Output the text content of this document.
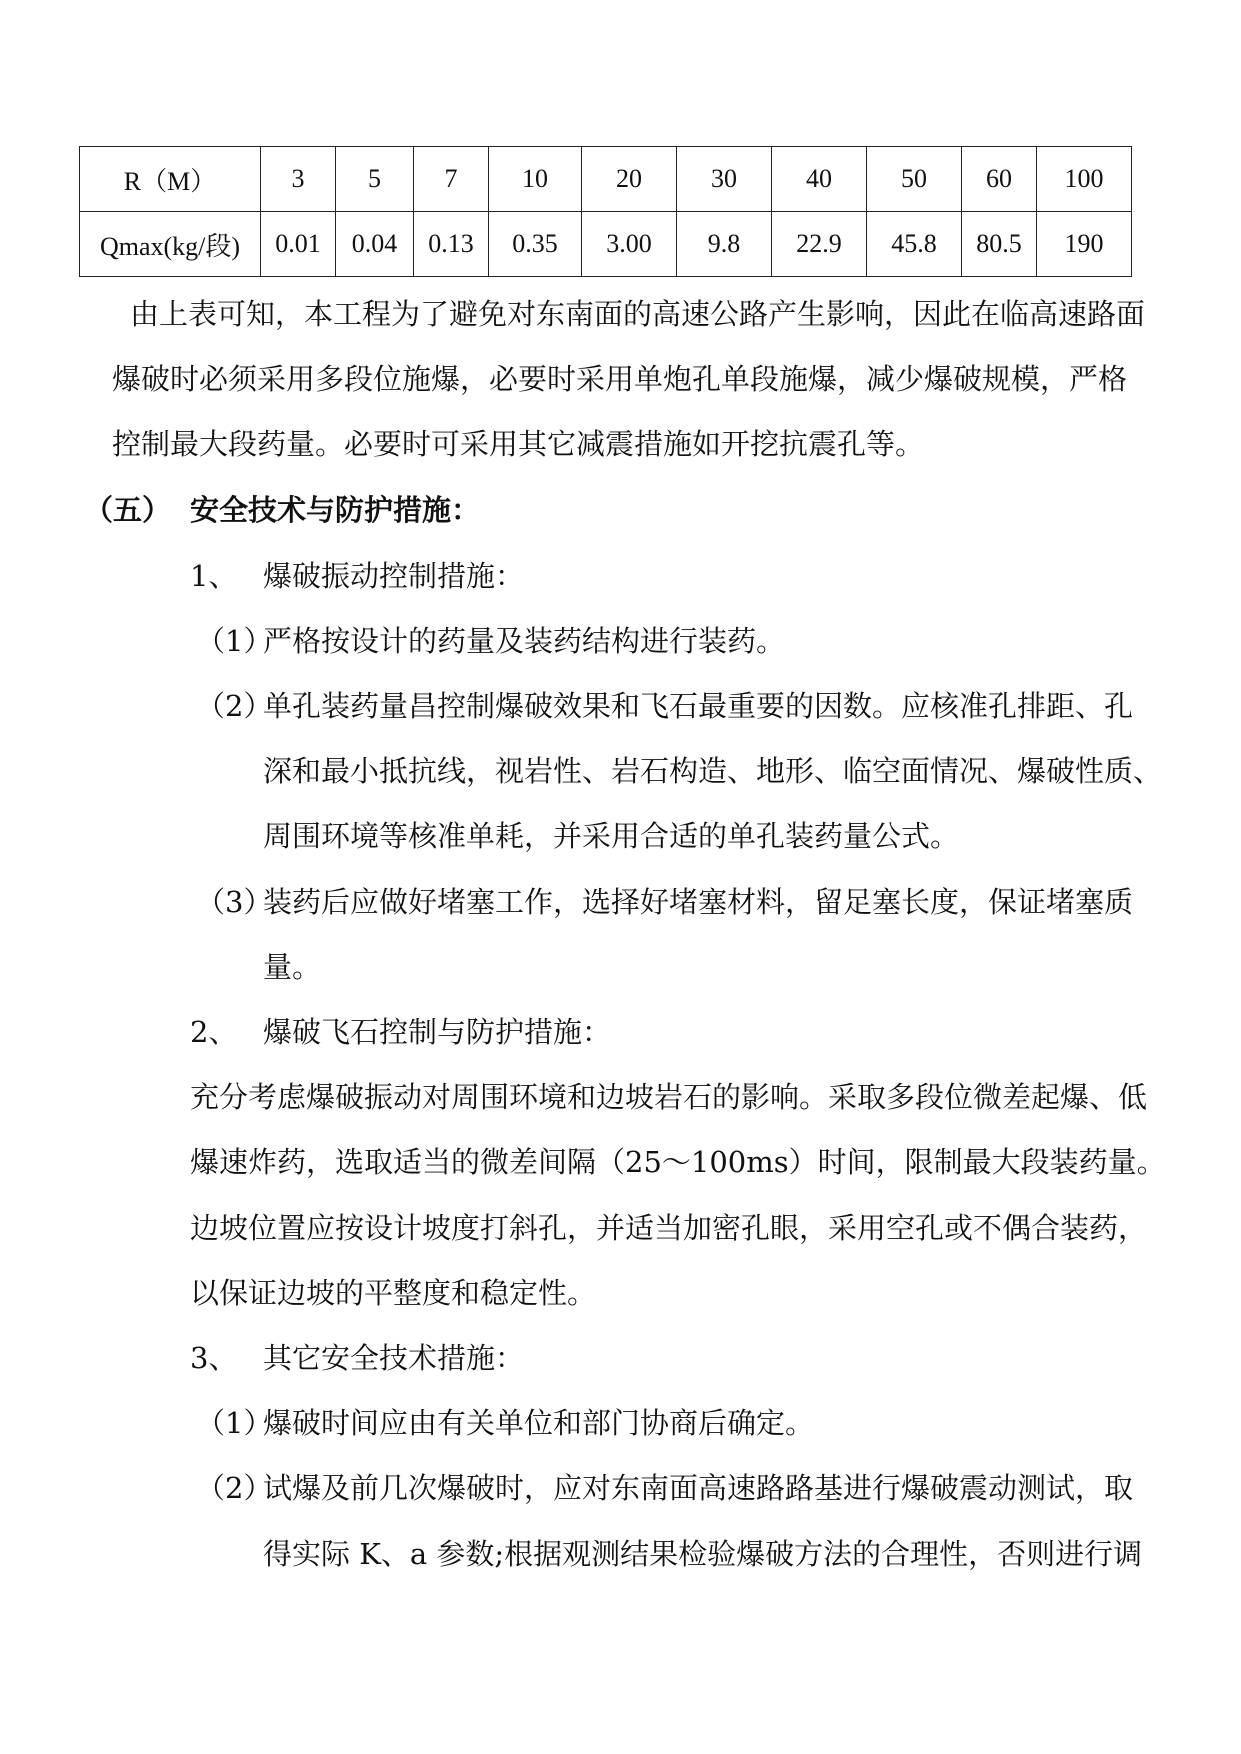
R（M）	3	5	7	10	20	30	40	50	60	100
Qmax(kg/段)	0.01	0.04	0.13	0.35	3.00	9.8	22.9	45.8	80.5	190
由上表可知，本工程为了避免对东南面的高速公路产生影响，因此在临高速路面
爆破时必须采用多段位施爆，必要时采用单炮孔单段施爆，减少爆破规模，严格
控制最大段药量。必要时可采用其它减震措施如开挖抗震孔等。
（五） 安全技术与防护措施：
1、 爆破振动控制措施：
（1）
严格按设计的药量及装药结构进行装药。
（2）
单孔装药量昌控制爆破效果和飞石最重要的因数。应核准孔排距、孔
深和最小抵抗线，视岩性、岩石构造、地形、临空面情况、爆破性质、
周围环境等核准单耗，并采用合适的单孔装药量公式。
（3）
装药后应做好堵塞工作，选择好堵塞材料，留足塞长度，保证堵塞质
量。
2、 爆破飞石控制与防护措施：
充分考虑爆破振动对周围环境和边坡岩石的影响。采取多段位微差起爆、低
爆速炸药，选取适当的微差间隔（25～100ms）时间，限制最大段装药量。
边坡位置应按设计坡度打斜孔，并适当加密孔眼，采用空孔或不偶合装药，
以保证边坡的平整度和稳定性。
3、 其它安全技术措施：
（1）
爆破时间应由有关单位和部门协商后确定。
（2）
试爆及前几次爆破时，应对东南面高速路路基进行爆破震动测试，取
得实际 K、a 参数;根据观测结果检验爆破方法的合理性，否则进行调
